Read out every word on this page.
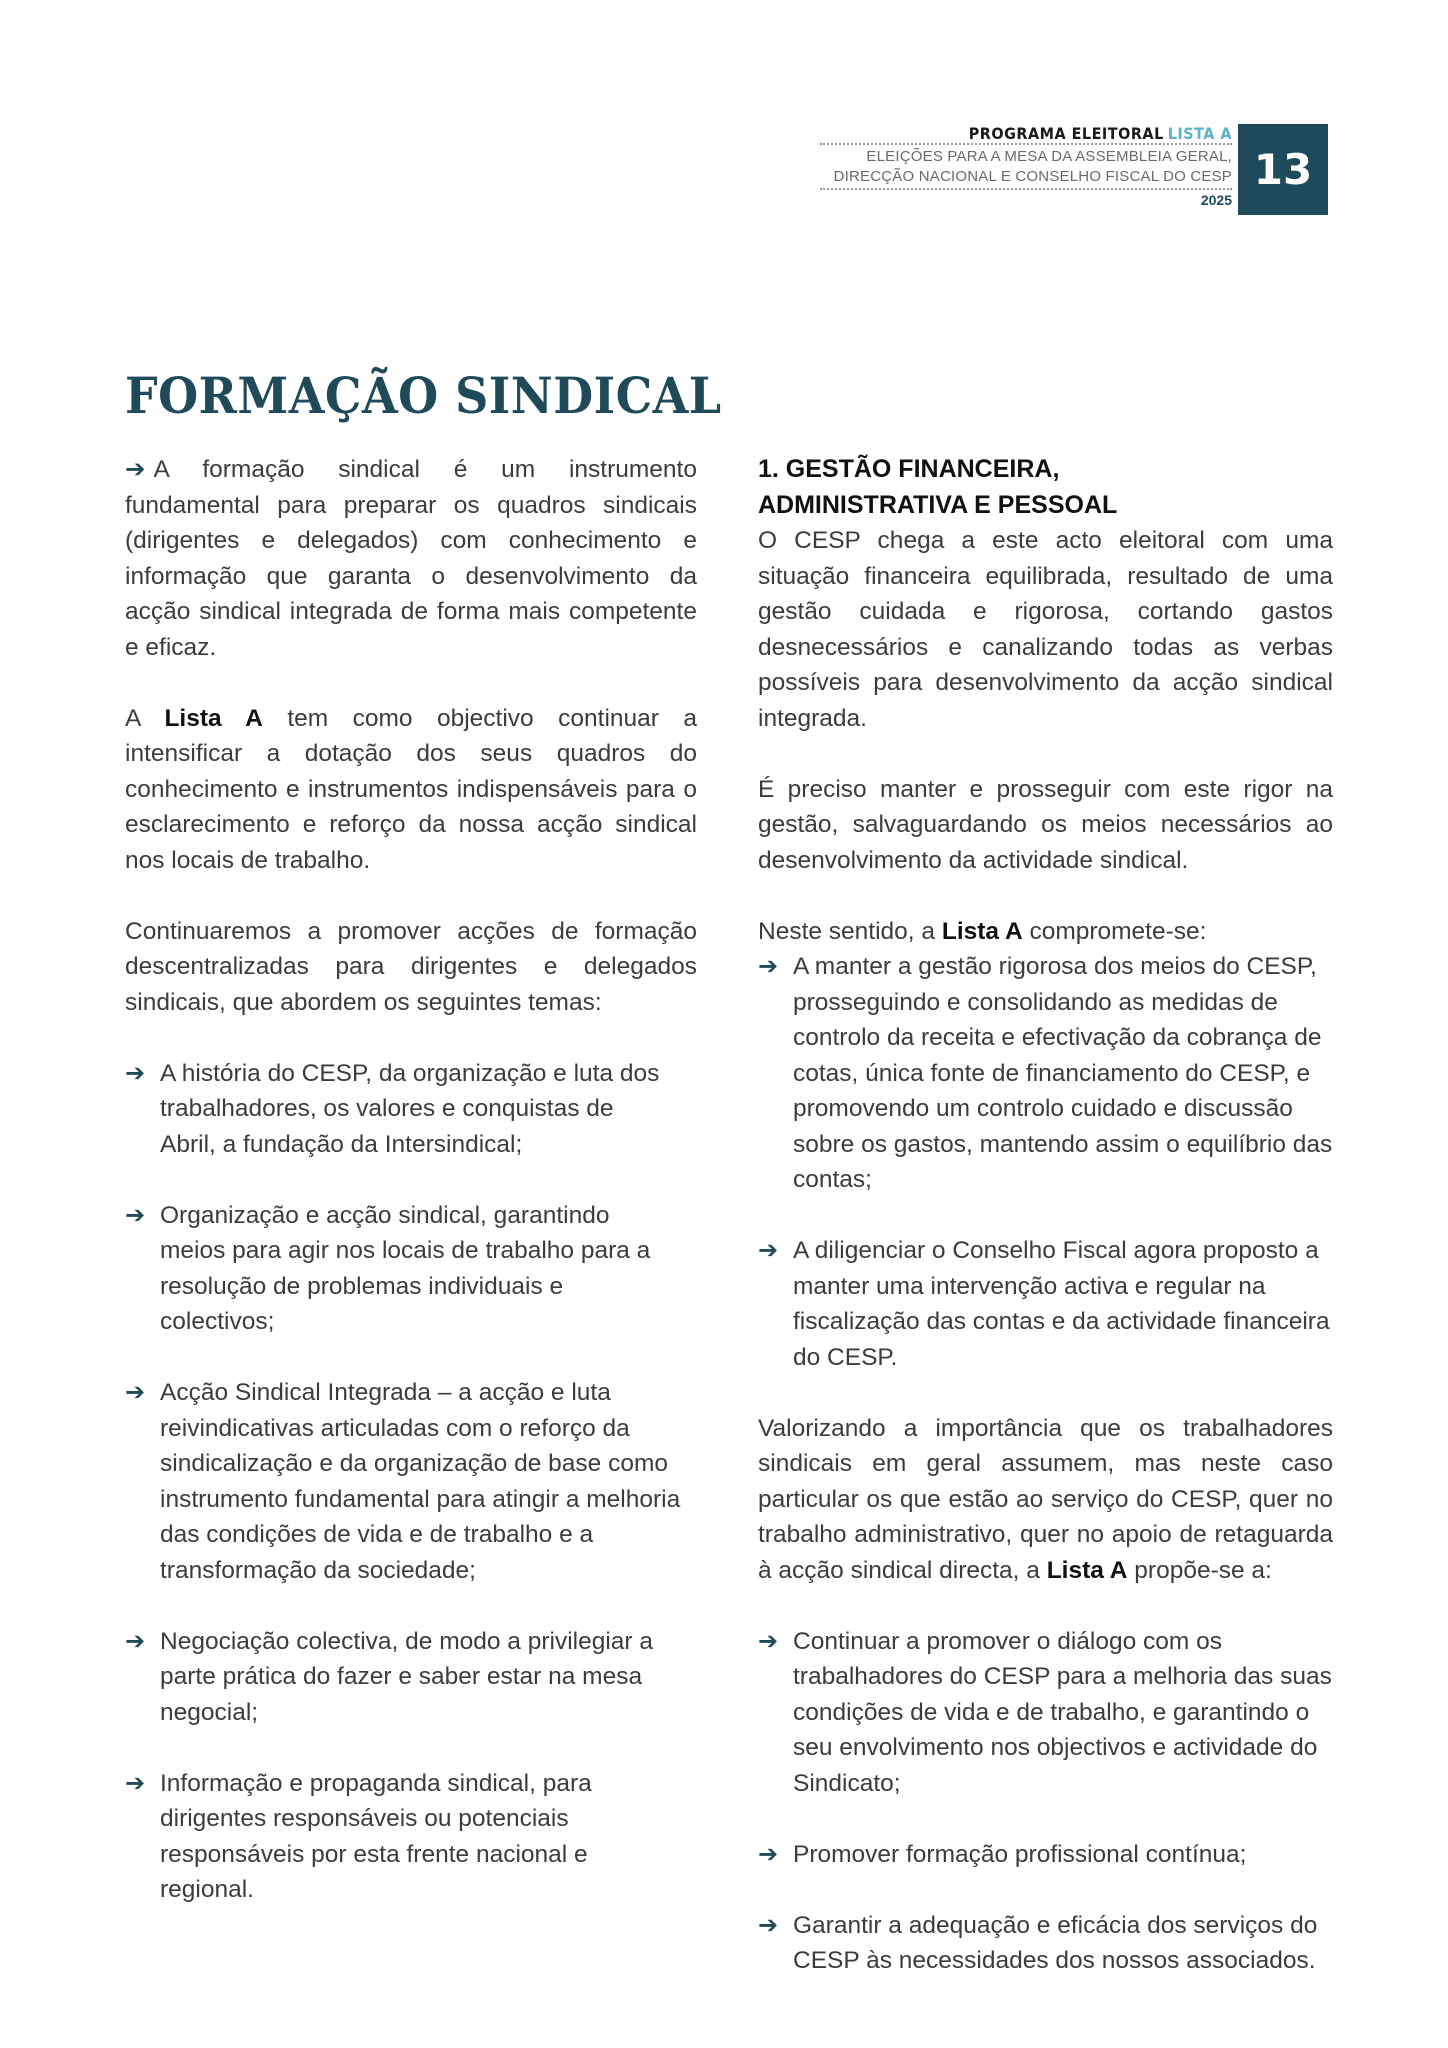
PROGRAMA ELEITORAL LISTA A
ELEIÇÕES PARA A MESA DA ASSEMBLEIA GERAL,
DIRECÇÃO NACIONAL E CONSELHO FISCAL DO CESP
2025
13
FORMAÇÃO SINDICAL

➔ A formação sindical é um instrumento fundamental para preparar os quadros sindicais (dirigentes e delegados) com conhecimento e informação que garanta o desenvolvimento da acção sindical integrada de forma mais competente e eficaz.

A Lista A tem como objectivo continuar a intensificar a dotação dos seus quadros do conhecimento e instrumentos indispensáveis para o esclarecimento e reforço da nossa acção sindical nos locais de trabalho.

Continuaremos a promover acções de formação descentralizadas para dirigentes e delegados sindicais, que abordem os seguintes temas:

➔ A história do CESP, da organização e luta dos trabalhadores, os valores e conquistas de Abril, a fundação da Intersindical;
➔ Organização e acção sindical, garantindo meios para agir nos locais de trabalho para a resolução de problemas individuais e colectivos;
➔ Acção Sindical Integrada – a acção e luta reivindicativas articuladas com o reforço da sindicalização e da organização de base como instrumento fundamental para atingir a melhoria das condições de vida e de trabalho e a transformação da sociedade;
➔ Negociação colectiva, de modo a privilegiar a parte prática do fazer e saber estar na mesa negocial;
➔ Informação e propaganda sindical, para dirigentes responsáveis ou potenciais responsáveis por esta frente nacional e regional.
1. GESTÃO FINANCEIRA,
ADMINISTRATIVA E PESSOAL

O CESP chega a este acto eleitoral com uma situação financeira equilibrada, resultado de uma gestão cuidada e rigorosa, cortando gastos desnecessários e canalizando todas as verbas possíveis para desenvolvimento da acção sindical integrada.

É preciso manter e prosseguir com este rigor na gestão, salvaguardando os meios necessários ao desenvolvimento da actividade sindical.

Neste sentido, a Lista A compromete-se:

➔ A manter a gestão rigorosa dos meios do CESP, prosseguindo e consolidando as medidas de controlo da receita e efectivação da cobrança de cotas, única fonte de financiamento do CESP, e promovendo um controlo cuidado e discussão sobre os gastos, mantendo assim o equilíbrio das contas;
➔ A diligenciar o Conselho Fiscal agora proposto a manter uma intervenção activa e regular na fiscalização das contas e da actividade financeira do CESP.

Valorizando a importância que os trabalhadores sindicais em geral assumem, mas neste caso particular os que estão ao serviço do CESP, quer no trabalho administrativo, quer no apoio de retaguarda à acção sindical directa, a Lista A propõe-se a:

➔ Continuar a promover o diálogo com os trabalhadores do CESP para a melhoria das suas condições de vida e de trabalho, e garantindo o seu envolvimento nos objectivos e actividade do Sindicato;
➔ Promover formação profissional contínua;
➔ Garantir a adequação e eficácia dos serviços do CESP às necessidades dos nossos associados.
